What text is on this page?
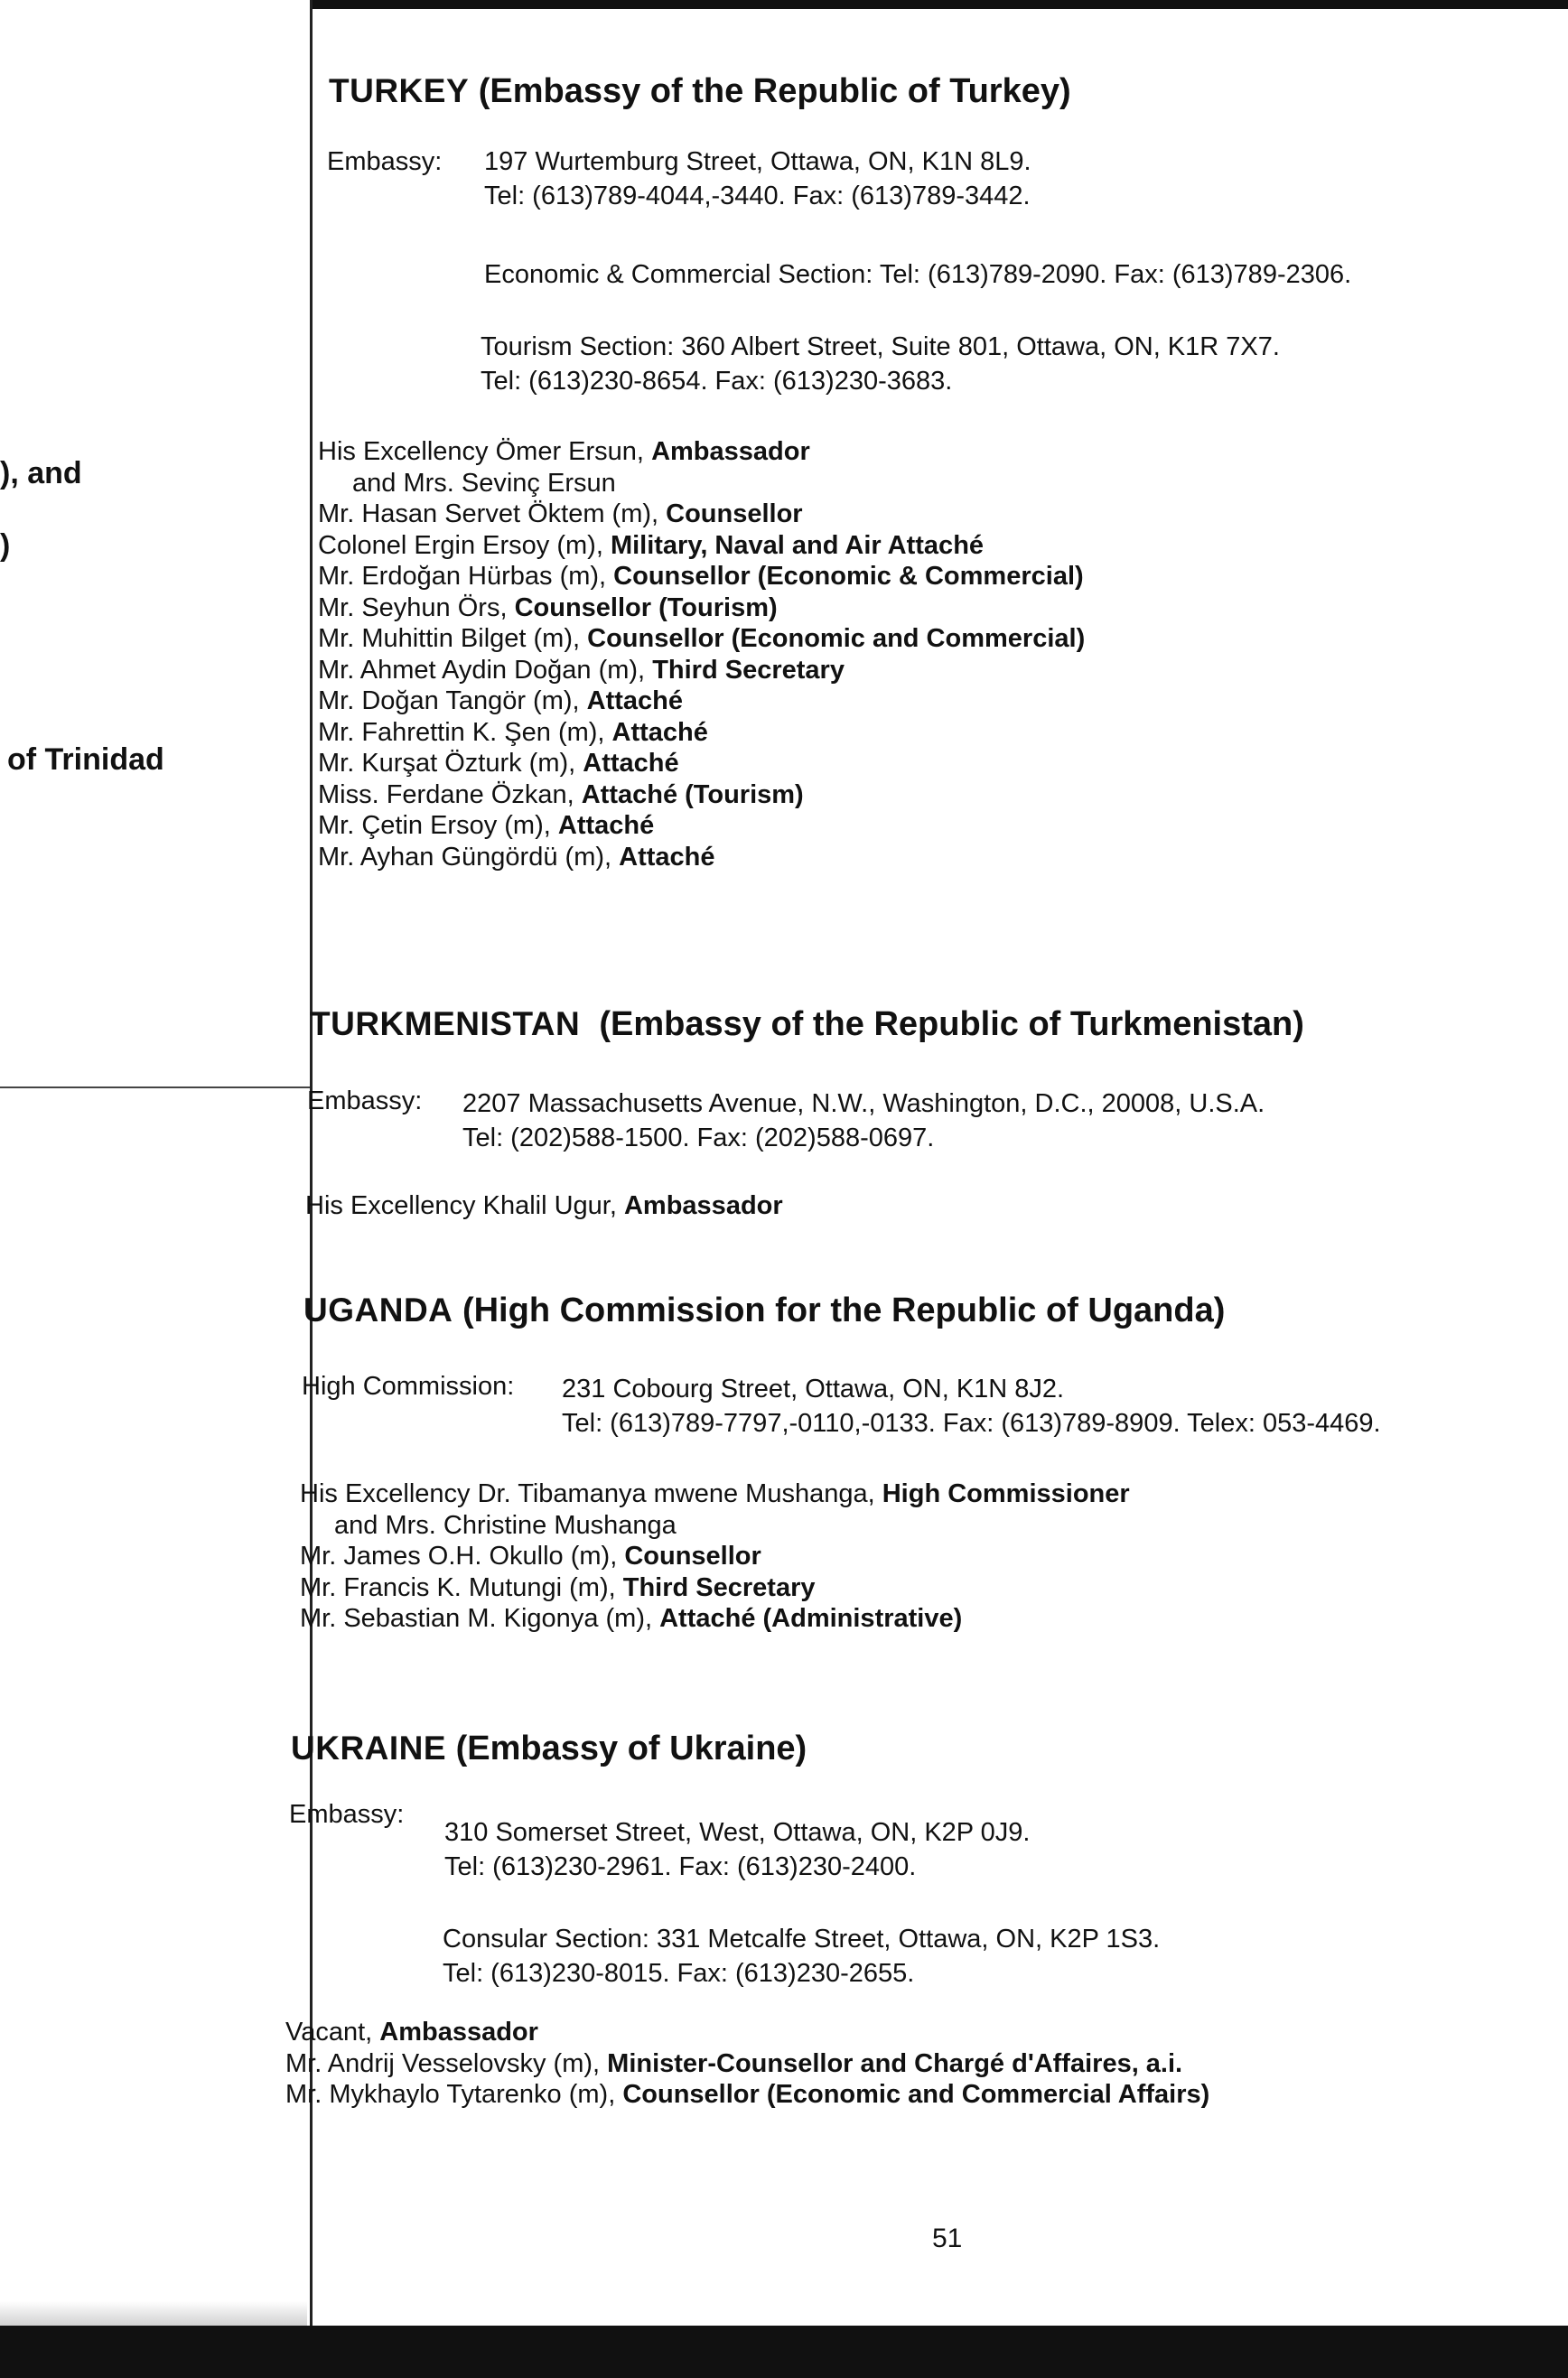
), and
)
of Trinidad
TURKEY (Embassy of the Republic of Turkey)
Embassy: 197 Wurtemburg Street, Ottawa, ON, K1N 8L9.
Tel: (613)789-4044,-3440. Fax: (613)789-3442.
Economic & Commercial Section: Tel: (613)789-2090. Fax: (613)789-2306.
Tourism Section: 360 Albert Street, Suite 801, Ottawa, ON, K1R 7X7.
Tel: (613)230-8654. Fax: (613)230-3683.
His Excellency Ömer Ersun, Ambassador
and Mrs. Sevinç Ersun
Mr. Hasan Servet Öktem (m), Counsellor
Colonel Ergin Ersoy (m), Military, Naval and Air Attaché
Mr. Erdoğan Hürbas (m), Counsellor (Economic & Commercial)
Mr. Seyhun Örs, Counsellor (Tourism)
Mr. Muhittin Bilget (m), Counsellor (Economic and Commercial)
Mr. Ahmet Aydin Doğan (m), Third Secretary
Mr. Doğan Tangör (m), Attaché
Mr. Fahrettin K. Şen (m), Attaché
Mr. Kurşat Özturk (m), Attaché
Miss. Ferdane Özkan, Attaché (Tourism)
Mr. Çetin Ersoy (m), Attaché
Mr. Ayhan Güngördü (m), Attaché
TURKMENISTAN (Embassy of the Republic of Turkmenistan)
Embassy: 2207 Massachusetts Avenue, N.W., Washington, D.C., 20008, U.S.A.
Tel: (202)588-1500. Fax: (202)588-0697.
His Excellency Khalil Ugur, Ambassador
UGANDA (High Commission for the Republic of Uganda)
High Commission: 231 Cobourg Street, Ottawa, ON, K1N 8J2.
Tel: (613)789-7797,-0110,-0133. Fax: (613)789-8909. Telex: 053-4469.
His Excellency Dr. Tibamanya mwene Mushanga, High Commissioner
and Mrs. Christine Mushanga
Mr. James O.H. Okullo (m), Counsellor
Mr. Francis K. Mutungi (m), Third Secretary
Mr. Sebastian M. Kigonya (m), Attaché (Administrative)
UKRAINE (Embassy of Ukraine)
Embassy:
310 Somerset Street, West, Ottawa, ON, K2P 0J9.
Tel: (613)230-2961. Fax: (613)230-2400.
Consular Section: 331 Metcalfe Street, Ottawa, ON, K2P 1S3.
Tel: (613)230-8015. Fax: (613)230-2655.
Vacant, Ambassador
Mr. Andrij Vesselovsky (m), Minister-Counsellor and Chargé d'Affaires, a.i.
Mr. Mykhaylo Tytarenko (m), Counsellor (Economic and Commercial Affairs)
51
